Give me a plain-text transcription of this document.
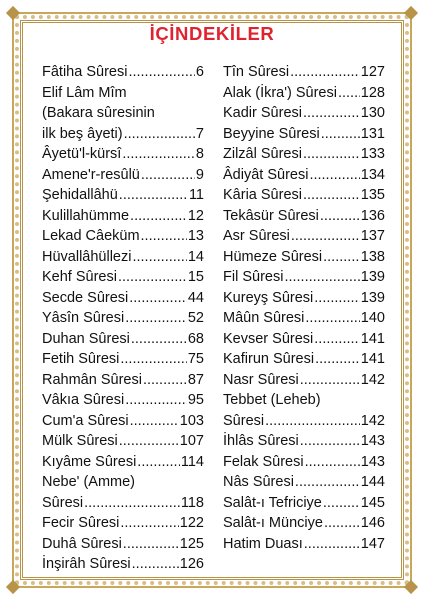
İÇİNDEKİLER
Fâtiha Sûresi .....	6
Elif Lâm Mîm
(Bakara sûresinin
ilk beş âyeti) .....	7
Âyetü'l-kürsî .....	8
Amene'r-resûlü .....	9
Şehidallâhü .....	11
Kulillahümme .....	12
Lekad Câeküm .....	13
Hüvallâhüllezi .....	14
Kehf Sûresi .....	15
Secde Sûresi .....	44
Yâsîn Sûresi .....	52
Duhan Sûresi .....	68
Fetih Sûresi .....	75
Rahmân Sûresi .....	87
Vâkıa Sûresi .....	95
Cum'a Sûresi .....	103
Mülk Sûresi .....	107
Kıyâme Sûresi .....	114
Nebe' (Amme)
Sûresi .....	118
Fecir Sûresi .....	122
Duhâ Sûresi .....	125
İnşirâh Sûresi .....	126
Tîn Sûresi .....	127
Alak (İkra') Sûresi ..... 128
Kadir Sûresi .....	130
Beyyine Sûresi .....	131
Zilzâl Sûresi .....	133
Âdiyât Sûresi .....	134
Kâria Sûresi .....	135
Tekâsür Sûresi .....	136
Asr Sûresi .....	137
Hümeze Sûresi .....	138
Fil Sûresi .....	139
Kureyş Sûresi .....	139
Mâûn Sûresi .....	140
Kevser Sûresi .....	141
Kafirun Sûresi .....	141
Nasr Sûresi .....	142
Tebbet (Leheb)
Sûresi .....	142
İhlâs Sûresi .....	143
Felak Sûresi .....	143
Nâs Sûresi .....	144
Salât-ı Tefriciye .....	145
Salât-ı Münciye .....	146
Hatim Duası .....	147
